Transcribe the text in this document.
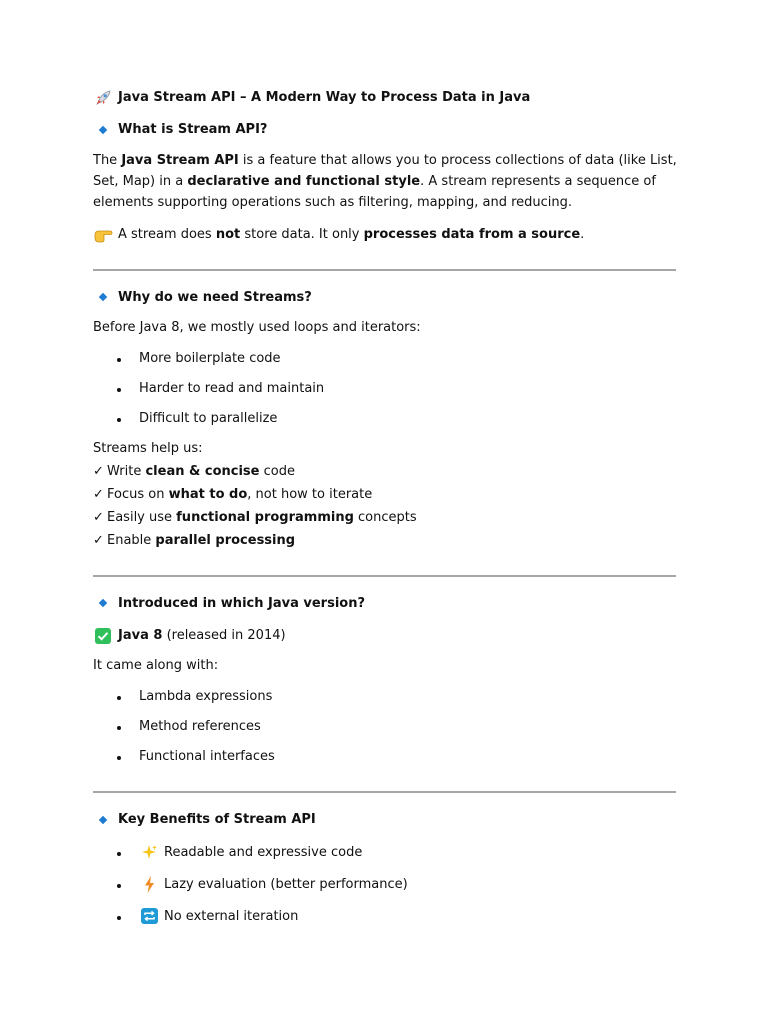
Java Stream API – A Modern Way to Process Data in Java
What is Stream API?
The Java Stream API is a feature that allows you to process collections of data (like List, Set, Map) in a declarative and functional style. A stream represents a sequence of elements supporting operations such as filtering, mapping, and reducing.
A stream does not store data. It only processes data from a source.
Why do we need Streams?
Before Java 8, we mostly used loops and iterators:
More boilerplate code
Harder to read and maintain
Difficult to parallelize
Streams help us:
✓ Write clean & concise code
✓ Focus on what to do, not how to iterate
✓ Easily use functional programming concepts
✓ Enable parallel processing
Introduced in which Java version?
Java 8 (released in 2014)
It came along with:
Lambda expressions
Method references
Functional interfaces
Key Benefits of Stream API
Readable and expressive code
Lazy evaluation (better performance)
No external iteration
